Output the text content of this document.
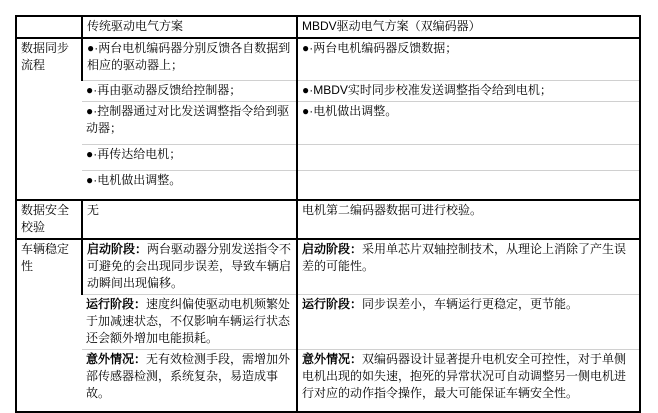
	传统驱动电气方案	MBDV驱动电气方案（双编码器）
数据同步流程	●·两台电机编码器分别反馈各自数据到相应的驱动器上；	●·两台电机编码器反馈数据；
	●·再由驱动器反馈给控制器；	●·MBDV实时同步校准发送调整指令给到电机；
	●·控制器通过对比发送调整指令给到驱动器；	●·电机做出调整。
	●·再传达给电机；	
	●·电机做出调整。	
数据安全校验	无	电机第二编码器数据可进行校验。
车辆稳定性	启动阶段：两台驱动器分别发送指令不可避免的会出现同步误差，导致车辆启动瞬间出现偏移。	启动阶段：采用单芯片双轴控制技术，从理论上消除了产生误差的可能性。
	运行阶段：速度纠偏使驱动电机频繁处于加减速状态，不仅影响车辆运行状态还会额外增加电能损耗。	运行阶段：同步误差小，车辆运行更稳定，更节能。
	意外情况：无有效检测手段，需增加外部传感器检测，系统复杂，易造成事故。	意外情况：双编码器设计显著提升电机安全可控性，对于单侧电机出现的如失速，抱死的异常状况可自动调整另一侧电机进行对应的动作指令操作，最大可能保证车辆安全性。
